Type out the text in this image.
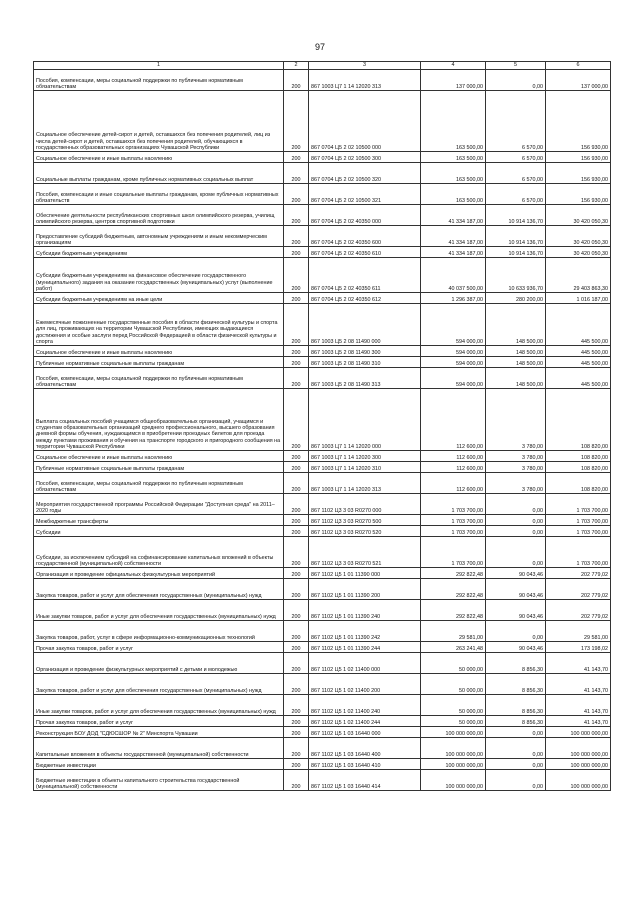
97
1	2	3	4	5	6
Пособия, компенсации, меры социальной поддержки по публичным нормативным обязательствам	200	867 1003 Ц7 1 14 12020 313	137 000,00	0,00	137 000,00
Социальное обеспечение детей-сирот и детей, оставшихся без попечения родителей, лиц из числа детей-сирот и детей, оставшихся без попечения родителей, обучающихся в государственных образовательных организациях Чувашской Республики	200	867 0704 Ц5 2 02 10500 000	163 500,00	6 570,00	156 930,00
Социальное обеспечение и иные выплаты населению	200	867 0704 Ц5 2 02 10500 300	163 500,00	6 570,00	156 930,00
Социальные выплаты гражданам, кроме публичных нормативных социальных выплат	200	867 0704 Ц5 2 02 10500 320	163 500,00	6 570,00	156 930,00
Пособия, компенсации и иные социальные выплаты гражданам, кроме публичных нормативных обязательств	200	867 0704 Ц5 2 02 10500 321	163 500,00	6 570,00	156 930,00
Обеспечение деятельности республиканских спортивных школ олимпийского резерва, училищ олимпийского резерва, центров спортивной подготовки	200	867 0704 Ц5 2 02 40350 000	41 334 187,00	10 914 136,70	30 420 050,30
Предоставление субсидий бюджетным, автономным учреждениям и иным некоммерческим организациям	200	867 0704 Ц5 2 02 40350 600	41 334 187,00	10 914 136,70	30 420 050,30
Субсидии бюджетным учреждениям	200	867 0704 Ц5 2 02 40350 610	41 334 187,00	10 914 136,70	30 420 050,30
Субсидии бюджетным учреждениям на финансовое обеспечение государственного (муниципального) задания на оказание государственных (муниципальных) услуг (выполнение работ)	200	867 0704 Ц5 2 02 40350 611	40 037 500,00	10 633 936,70	29 403 863,30
Субсидии бюджетным учреждениям на иные цели	200	867 0704 Ц5 2 02 40350 612	1 296 387,00	280 200,00	1 016 187,00
Ежемесячные пожизненные государственные пособия в области физической культуры и спорта для лиц, проживающих на территории Чувашской Республики, имеющих выдающиеся достижения и особые заслуги перед Российской Федерацией в области физической культуры и спорта	200	867 1003 Ц5 2 08 11490 000	594 000,00	148 500,00	445 500,00
Социальное обеспечение и иные выплаты населению	200	867 1003 Ц5 2 08 11490 300	594 000,00	148 500,00	445 500,00
Публичные нормативные социальные выплаты гражданам	200	867 1003 Ц5 2 08 11490 310	594 000,00	148 500,00	445 500,00
Пособия, компенсации, меры социальной поддержки по публичным нормативным обязательствам	200	867 1003 Ц5 2 08 11490 313	594 000,00	148 500,00	445 500,00
Выплата социальных пособий учащимся общеобразовательных организаций, учащимся и студентам образовательных организаций среднего профессионального, высшего образования дневной формы обучения, нуждающимся в приобретении проездных билетов для проезда между пунктами проживания и обучения на транспорте городского и пригородного сообщения на территории Чувашской Республики	200	867 1003 Ц7 1 14 12020 000	112 600,00	3 780,00	108 820,00
Социальное обеспечение и иные выплаты населению	200	867 1003 Ц7 1 14 12020 300	112 600,00	3 780,00	108 820,00
Публичные нормативные социальные выплаты гражданам	200	867 1003 Ц7 1 14 12020 310	112 600,00	3 780,00	108 820,00
Пособия, компенсации, меры социальной поддержки по публичным нормативным обязательствам	200	867 1003 Ц7 1 14 12020 313	112 600,00	3 780,00	108 820,00
Мероприятия государственной программы Российской Федерации "Доступная среда" на 2011–2020 годы	200	867 1102 Ц3 3 03 R0270 000	1 703 700,00	0,00	1 703 700,00
Межбюджетные трансферты	200	867 1102 Ц3 3 03 R0270 500	1 703 700,00	0,00	1 703 700,00
Субсидии	200	867 1102 Ц3 3 03 R0270 520	1 703 700,00	0,00	1 703 700,00
Субсидии, за исключением субсидий на софинансирование капитальных вложений в объекты государственной (муниципальной) собственности	200	867 1102 Ц3 3 03 R0270 521	1 703 700,00	0,00	1 703 700,00
Организация и проведение официальных физкультурных мероприятий	200	867 1102 Ц5 1 01 11390 000	292 822,48	90 043,46	202 779,02
Закупка товаров, работ и услуг для обеспечения государственных (муниципальных) нужд	200	867 1102 Ц5 1 01 11390 200	292 822,48	90 043,46	202 779,02
Иные закупки товаров, работ и услуг для обеспечения государственных (муниципальных) нужд	200	867 1102 Ц5 1 01 11390 240	292 822,48	90 043,46	202 779,02
Закупка товаров, работ, услуг в сфере информационно-коммуникационных технологий	200	867 1102 Ц5 1 01 11390 242	29 581,00	0,00	29 581,00
Прочая закупка товаров, работ и услуг	200	867 1102 Ц5 1 01 11390 244	263 241,48	90 043,46	173 198,02
Организация и проведение физкультурных мероприятий с детьми и молодежью	200	867 1102 Ц5 1 02 11400 000	50 000,00	8 856,30	41 143,70
Закупка товаров, работ и услуг для обеспечения государственных (муниципальных) нужд	200	867 1102 Ц5 1 02 11400 200	50 000,00	8 856,30	41 143,70
Иные закупки товаров, работ и услуг для обеспечения государственных (муниципальных) нужд	200	867 1102 Ц5 1 02 11400 240	50 000,00	8 856,30	41 143,70
Прочая закупка товаров, работ и услуг	200	867 1102 Ц5 1 02 11400 244	50 000,00	8 856,30	41 143,70
Реконструкция БОУ ДОД "СДЮСШОР № 2" Минспорта Чувашии	200	867 1102 Ц5 1 03 16440 000	100 000 000,00	0,00	100 000 000,00
Капитальные вложения в объекты государственной (муниципальной) собственности	200	867 1102 Ц5 1 03 16440 400	100 000 000,00	0,00	100 000 000,00
Бюджетные инвестиции	200	867 1102 Ц5 1 03 16440 410	100 000 000,00	0,00	100 000 000,00
Бюджетные инвестиции в объекты капитального строительства государственной (муниципальной) собственности	200	867 1102 Ц5 1 03 16440 414	100 000 000,00	0,00	100 000 000,00
